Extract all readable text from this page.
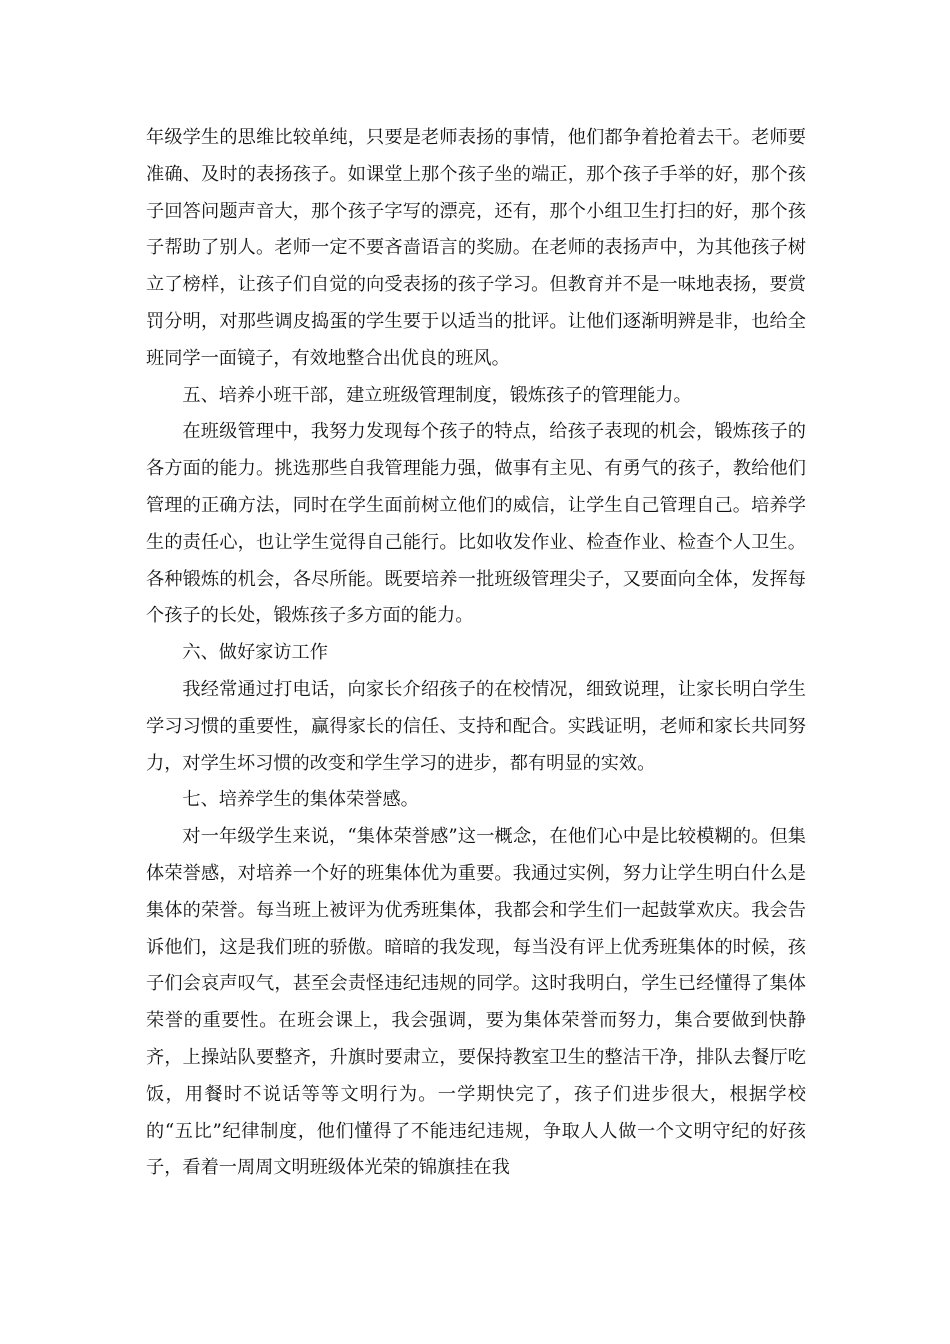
年级学生的思维比较单纯，只要是老师表扬的事情，他们都争着抢着去干。老师要准确、及时的表扬孩子。如课堂上那个孩子坐的端正，那个孩子手举的好，那个孩子回答问题声音大，那个孩子字写的漂亮，还有，那个小组卫生打扫的好，那个孩子帮助了别人。老师一定不要吝啬语言的奖励。在老师的表扬声中，为其他孩子树立了榜样，让孩子们自觉的向受表扬的孩子学习。但教育并不是一味地表扬，要赏罚分明，对那些调皮捣蛋的学生要于以适当的批评。让他们逐渐明辨是非，也给全班同学一面镜子，有效地整合出优良的班风。

五、培养小班干部，建立班级管理制度，锻炼孩子的管理能力。

在班级管理中，我努力发现每个孩子的特点，给孩子表现的机会，锻炼孩子的各方面的能力。挑选那些自我管理能力强，做事有主见、有勇气的孩子，教给他们管理的正确方法，同时在学生面前树立他们的威信，让学生自己管理自己。培养学生的责任心，也让学生觉得自己能行。比如收发作业、检查作业、检查个人卫生。各种锻炼的机会，各尽所能。既要培养一批班级管理尖子，又要面向全体，发挥每个孩子的长处，锻炼孩子多方面的能力。

六、做好家访工作

我经常通过打电话，向家长介绍孩子的在校情况，细致说理，让家长明白学生学习习惯的重要性，赢得家长的信任、支持和配合。实践证明，老师和家长共同努力，对学生坏习惯的改变和学生学习的进步，都有明显的实效。

七、培养学生的集体荣誉感。

对一年级学生来说，“集体荣誉感”这一概念，在他们心中是比较模糊的。但集体荣誉感，对培养一个好的班集体优为重要。我通过实例，努力让学生明白什么是集体的荣誉。每当班上被评为优秀班集体，我都会和学生们一起鼓掌欢庆。我会告诉他们，这是我们班的骄傲。暗暗的我发现，每当没有评上优秀班集体的时候，孩子们会哀声叹气，甚至会责怪违纪违规的同学。这时我明白，学生已经懂得了集体荣誉的重要性。在班会课上，我会强调，要为集体荣誉而努力，集合要做到快静齐，上操站队要整齐，升旗时要肃立，要保持教室卫生的整洁干净，排队去餐厅吃饭，用餐时不说话等等文明行为。一学期快完了，孩子们进步很大，根据学校的“五比”纪律制度，他们懂得了不能违纪违规，争取人人做一个文明守纪的好孩子，看着一周周文明班级体光荣的锦旗挂在我
